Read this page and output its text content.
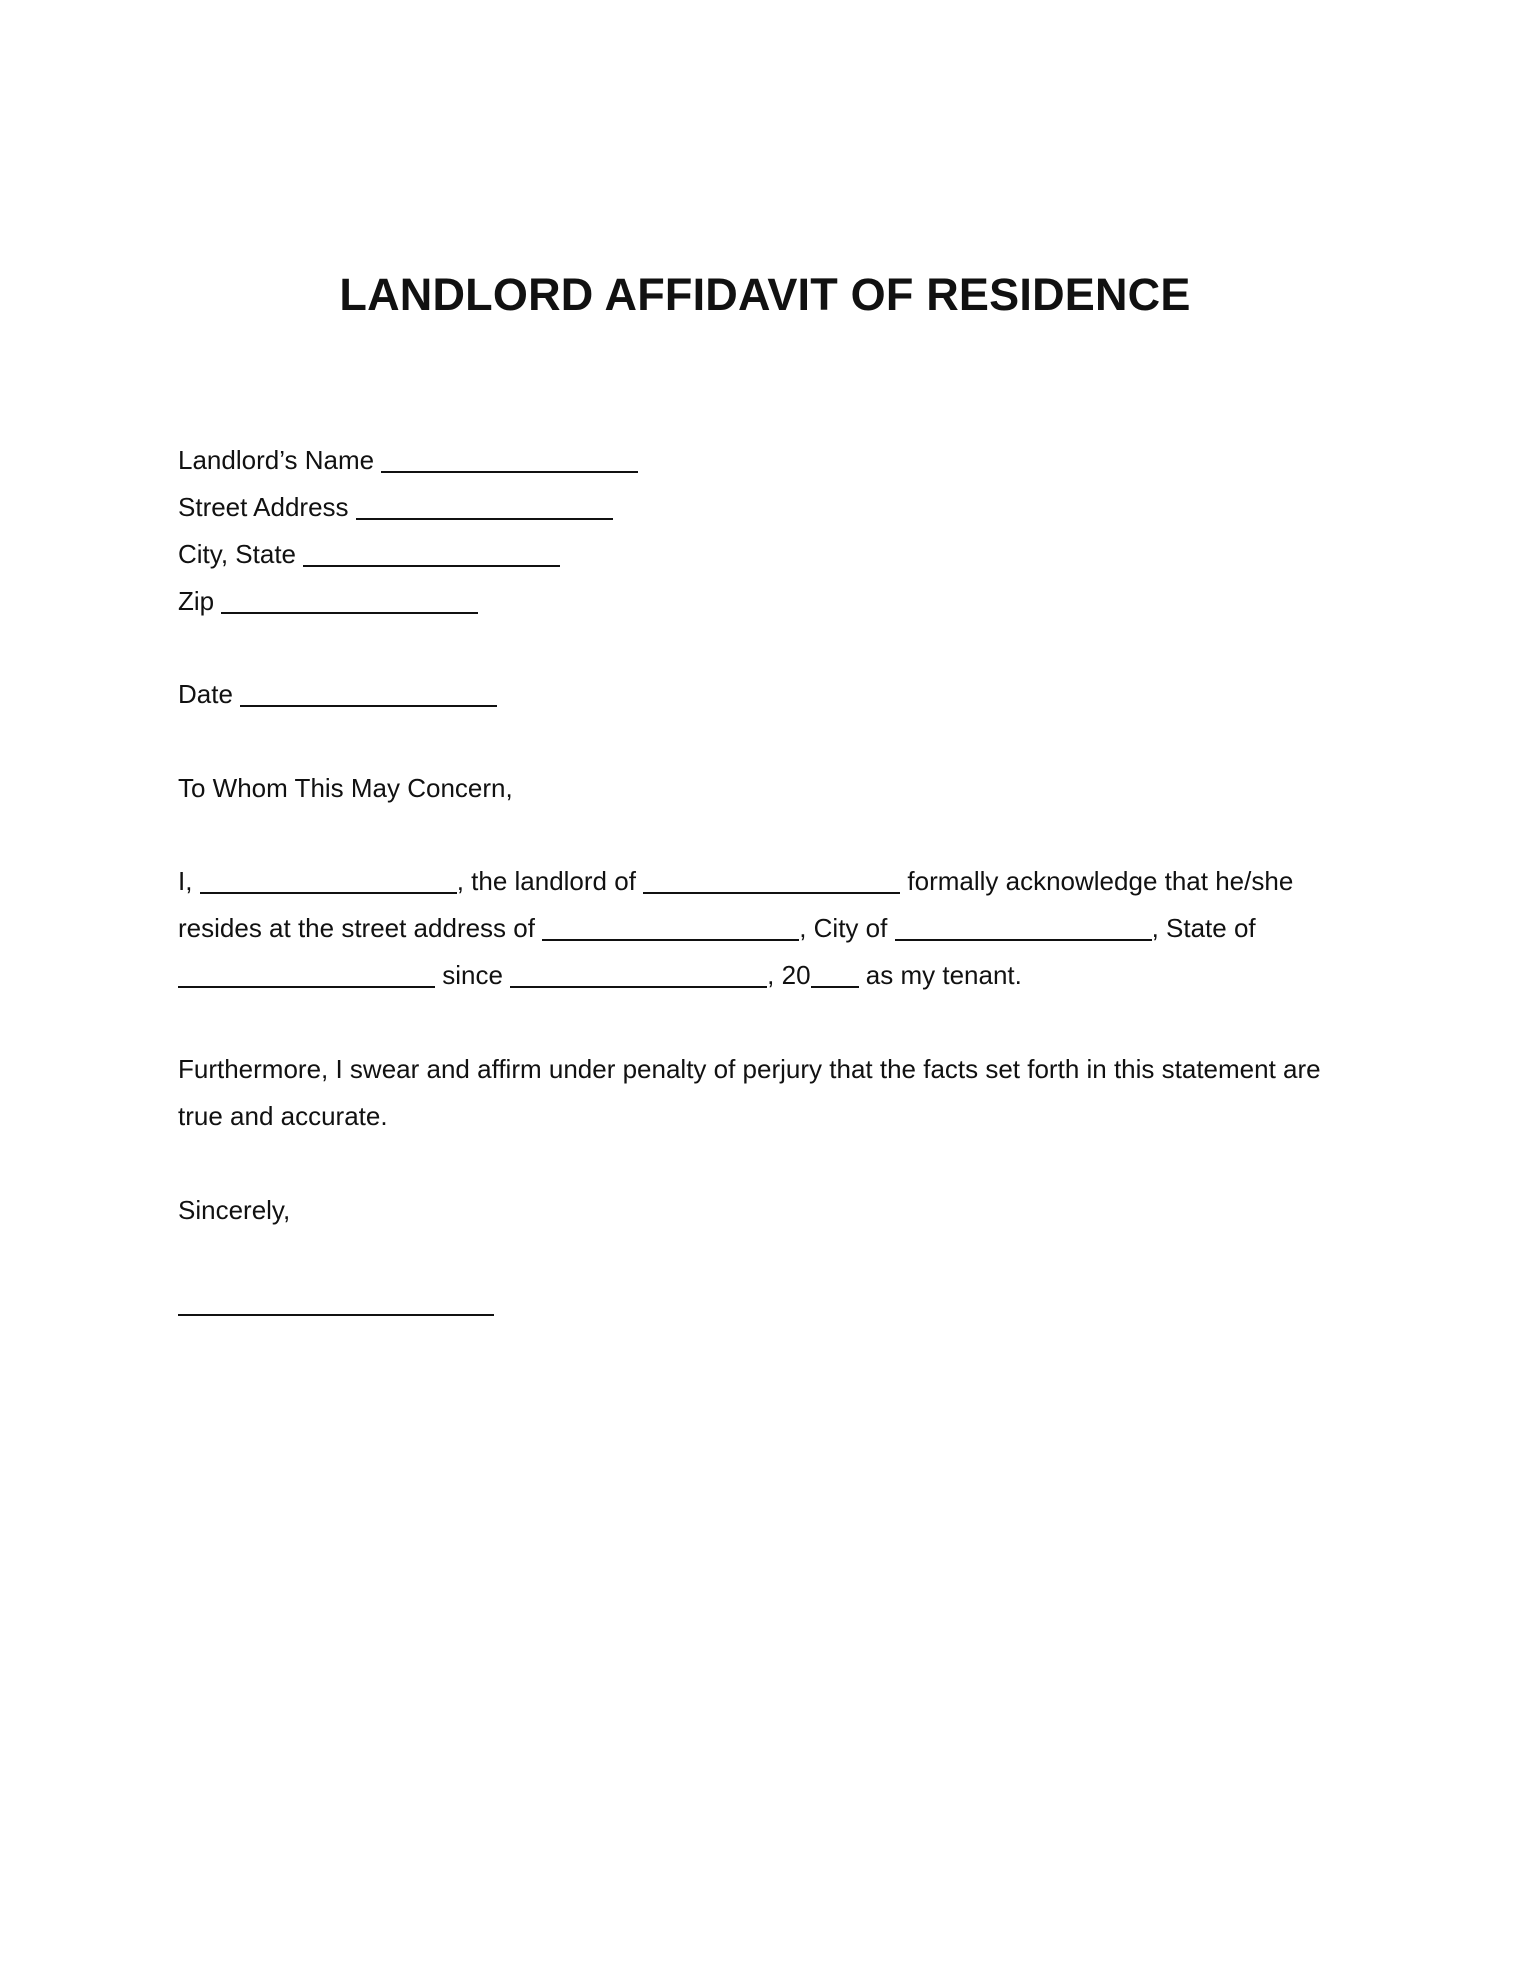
LANDLORD AFFIDAVIT OF RESIDENCE
Landlord’s Name
Street Address
City, State
Zip
Date
To Whom This May Concern,
I,	, the landlord of	formally acknowledge that he/she
resides at the street address of	, City of	, State of
since	, 20 as my tenant.
Furthermore, I swear and affirm under penalty of perjury that the facts set forth in this statement are true and accurate.
Sincerely,
